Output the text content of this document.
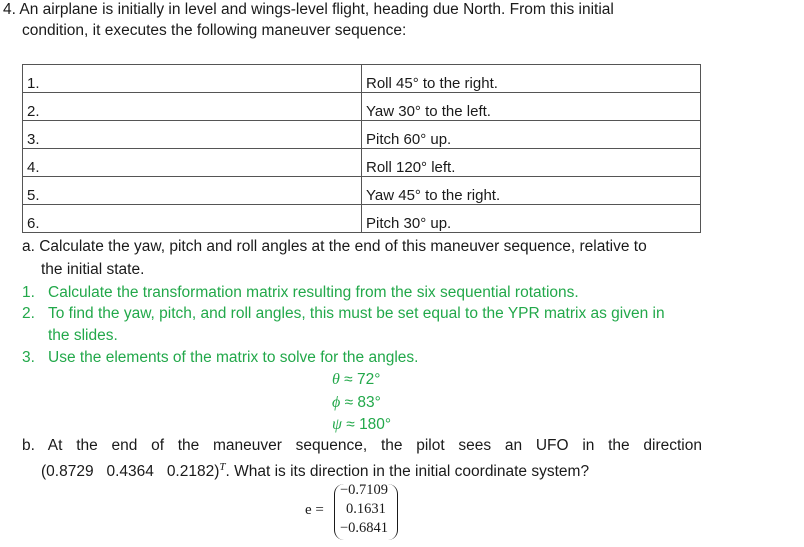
4. An airplane is initially in level and wings-level flight, heading due North. From this initial
condition, it executes the following maneuver sequence:
1.	Roll 45° to the right.
2.	Yaw 30° to the left.
3.	Pitch 60° up.
4.	Roll 120° left.
5.	Yaw 45° to the right.
6.	Pitch 30° up.
a. Calculate the yaw, pitch and roll angles at the end of this maneuver sequence, relative to
the initial state.
1. Calculate the transformation matrix resulting from the six sequential rotations.
2. To find the yaw, pitch, and roll angles, this must be set equal to the YPR matrix as given in
the slides.
3. Use the elements of the matrix to solve for the angles.
θ ≈ 72°
ϕ ≈ 83°
ψ ≈ 180°
b. At the end of the maneuver sequence, the pilot sees an UFO in the direction
(0.8729   0.4364   0.2182)$^T$. What is its direction in the initial coordinate system?
e =
−0.7109
0.1631
−0.6841
